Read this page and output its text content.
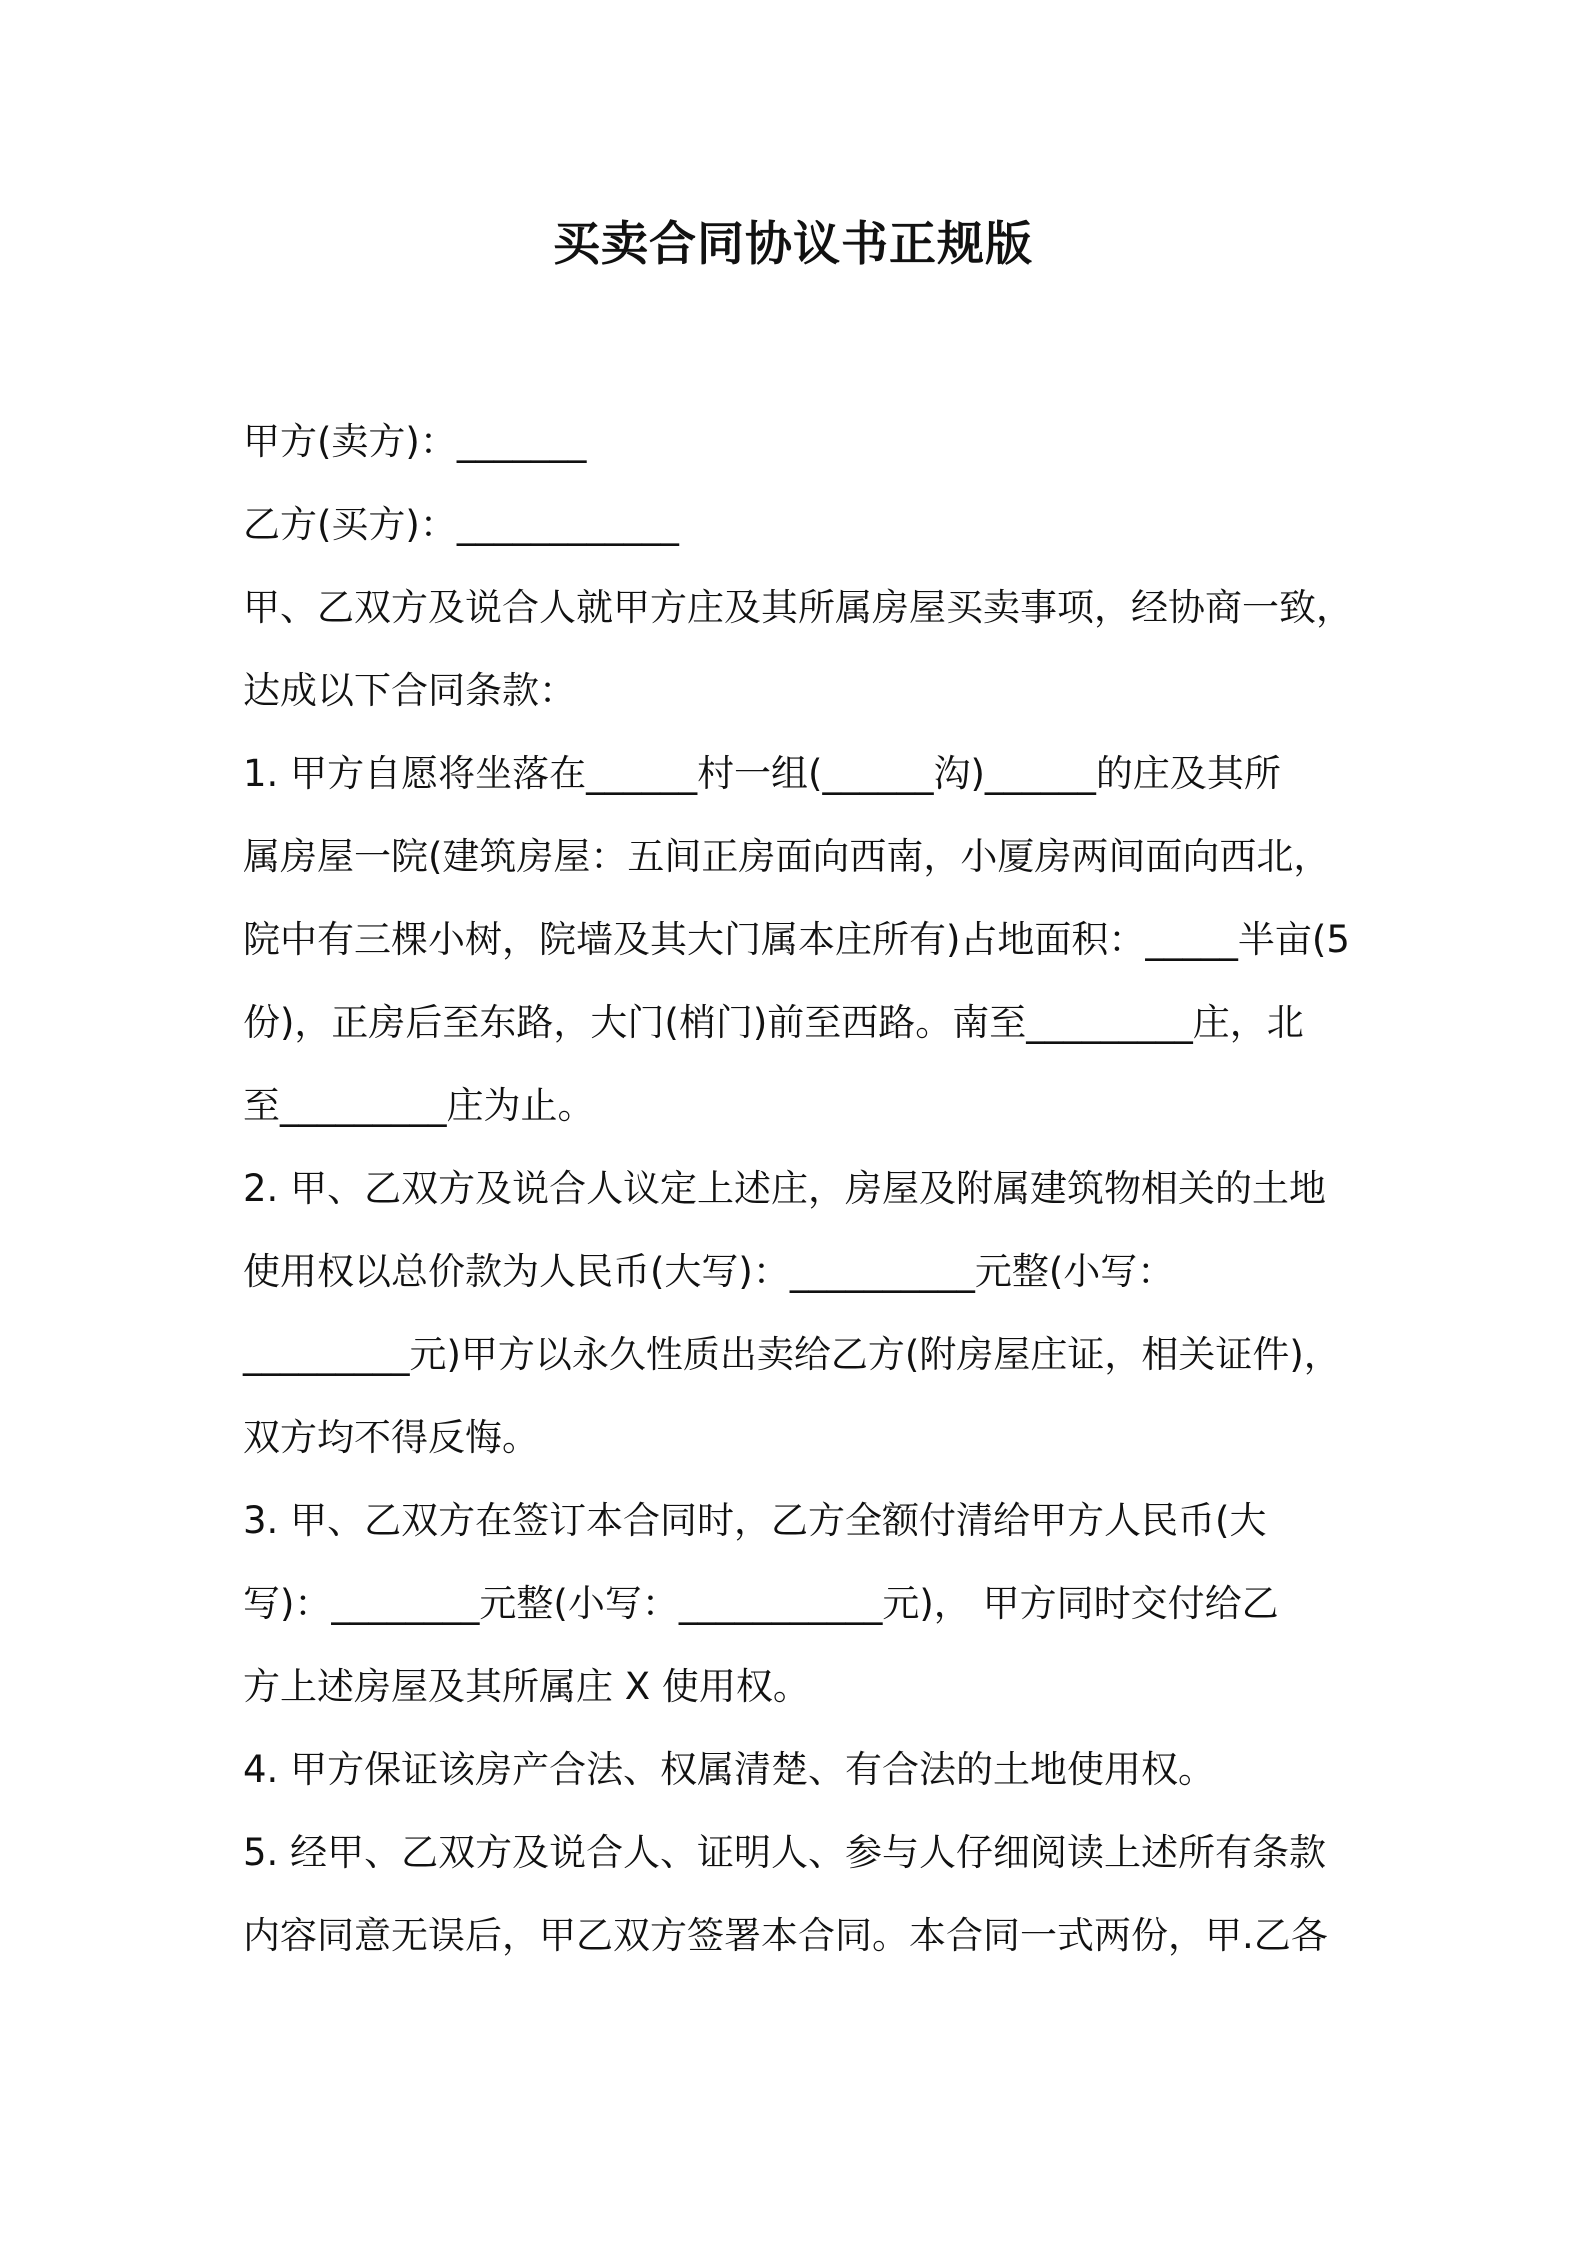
买卖合同协议书正规版
甲方(卖方)：_______
乙方(买方)：____________
甲、乙双方及说合人就甲方庄及其所属房屋买卖事项，经协商一致，
达成以下合同条款：
1. 甲方自愿将坐落在______村一组(______沟)______的庄及其所
属房屋一院(建筑房屋：五间正房面向西南，小厦房两间面向西北，
院中有三棵小树，院墙及其大门属本庄所有)占地面积：_____半亩(5
份)，正房后至东路，大门(梢门)前至西路。南至_________庄，北
至_________庄为止。
2. 甲、乙双方及说合人议定上述庄，房屋及附属建筑物相关的土地
使用权以总价款为人民币(大写)：__________元整(小写：
_________元)甲方以永久性质出卖给乙方(附房屋庄证，相关证件)，
双方均不得反悔。
3. 甲、乙双方在签订本合同时，乙方全额付清给甲方人民币(大
写)：________元整(小写：___________元)， 甲方同时交付给乙
方上述房屋及其所属庄 X 使用权。
4. 甲方保证该房产合法、权属清楚、有合法的土地使用权。
5. 经甲、乙双方及说合人、证明人、参与人仔细阅读上述所有条款
内容同意无误后，甲乙双方签署本合同。本合同一式两份，甲.乙各
